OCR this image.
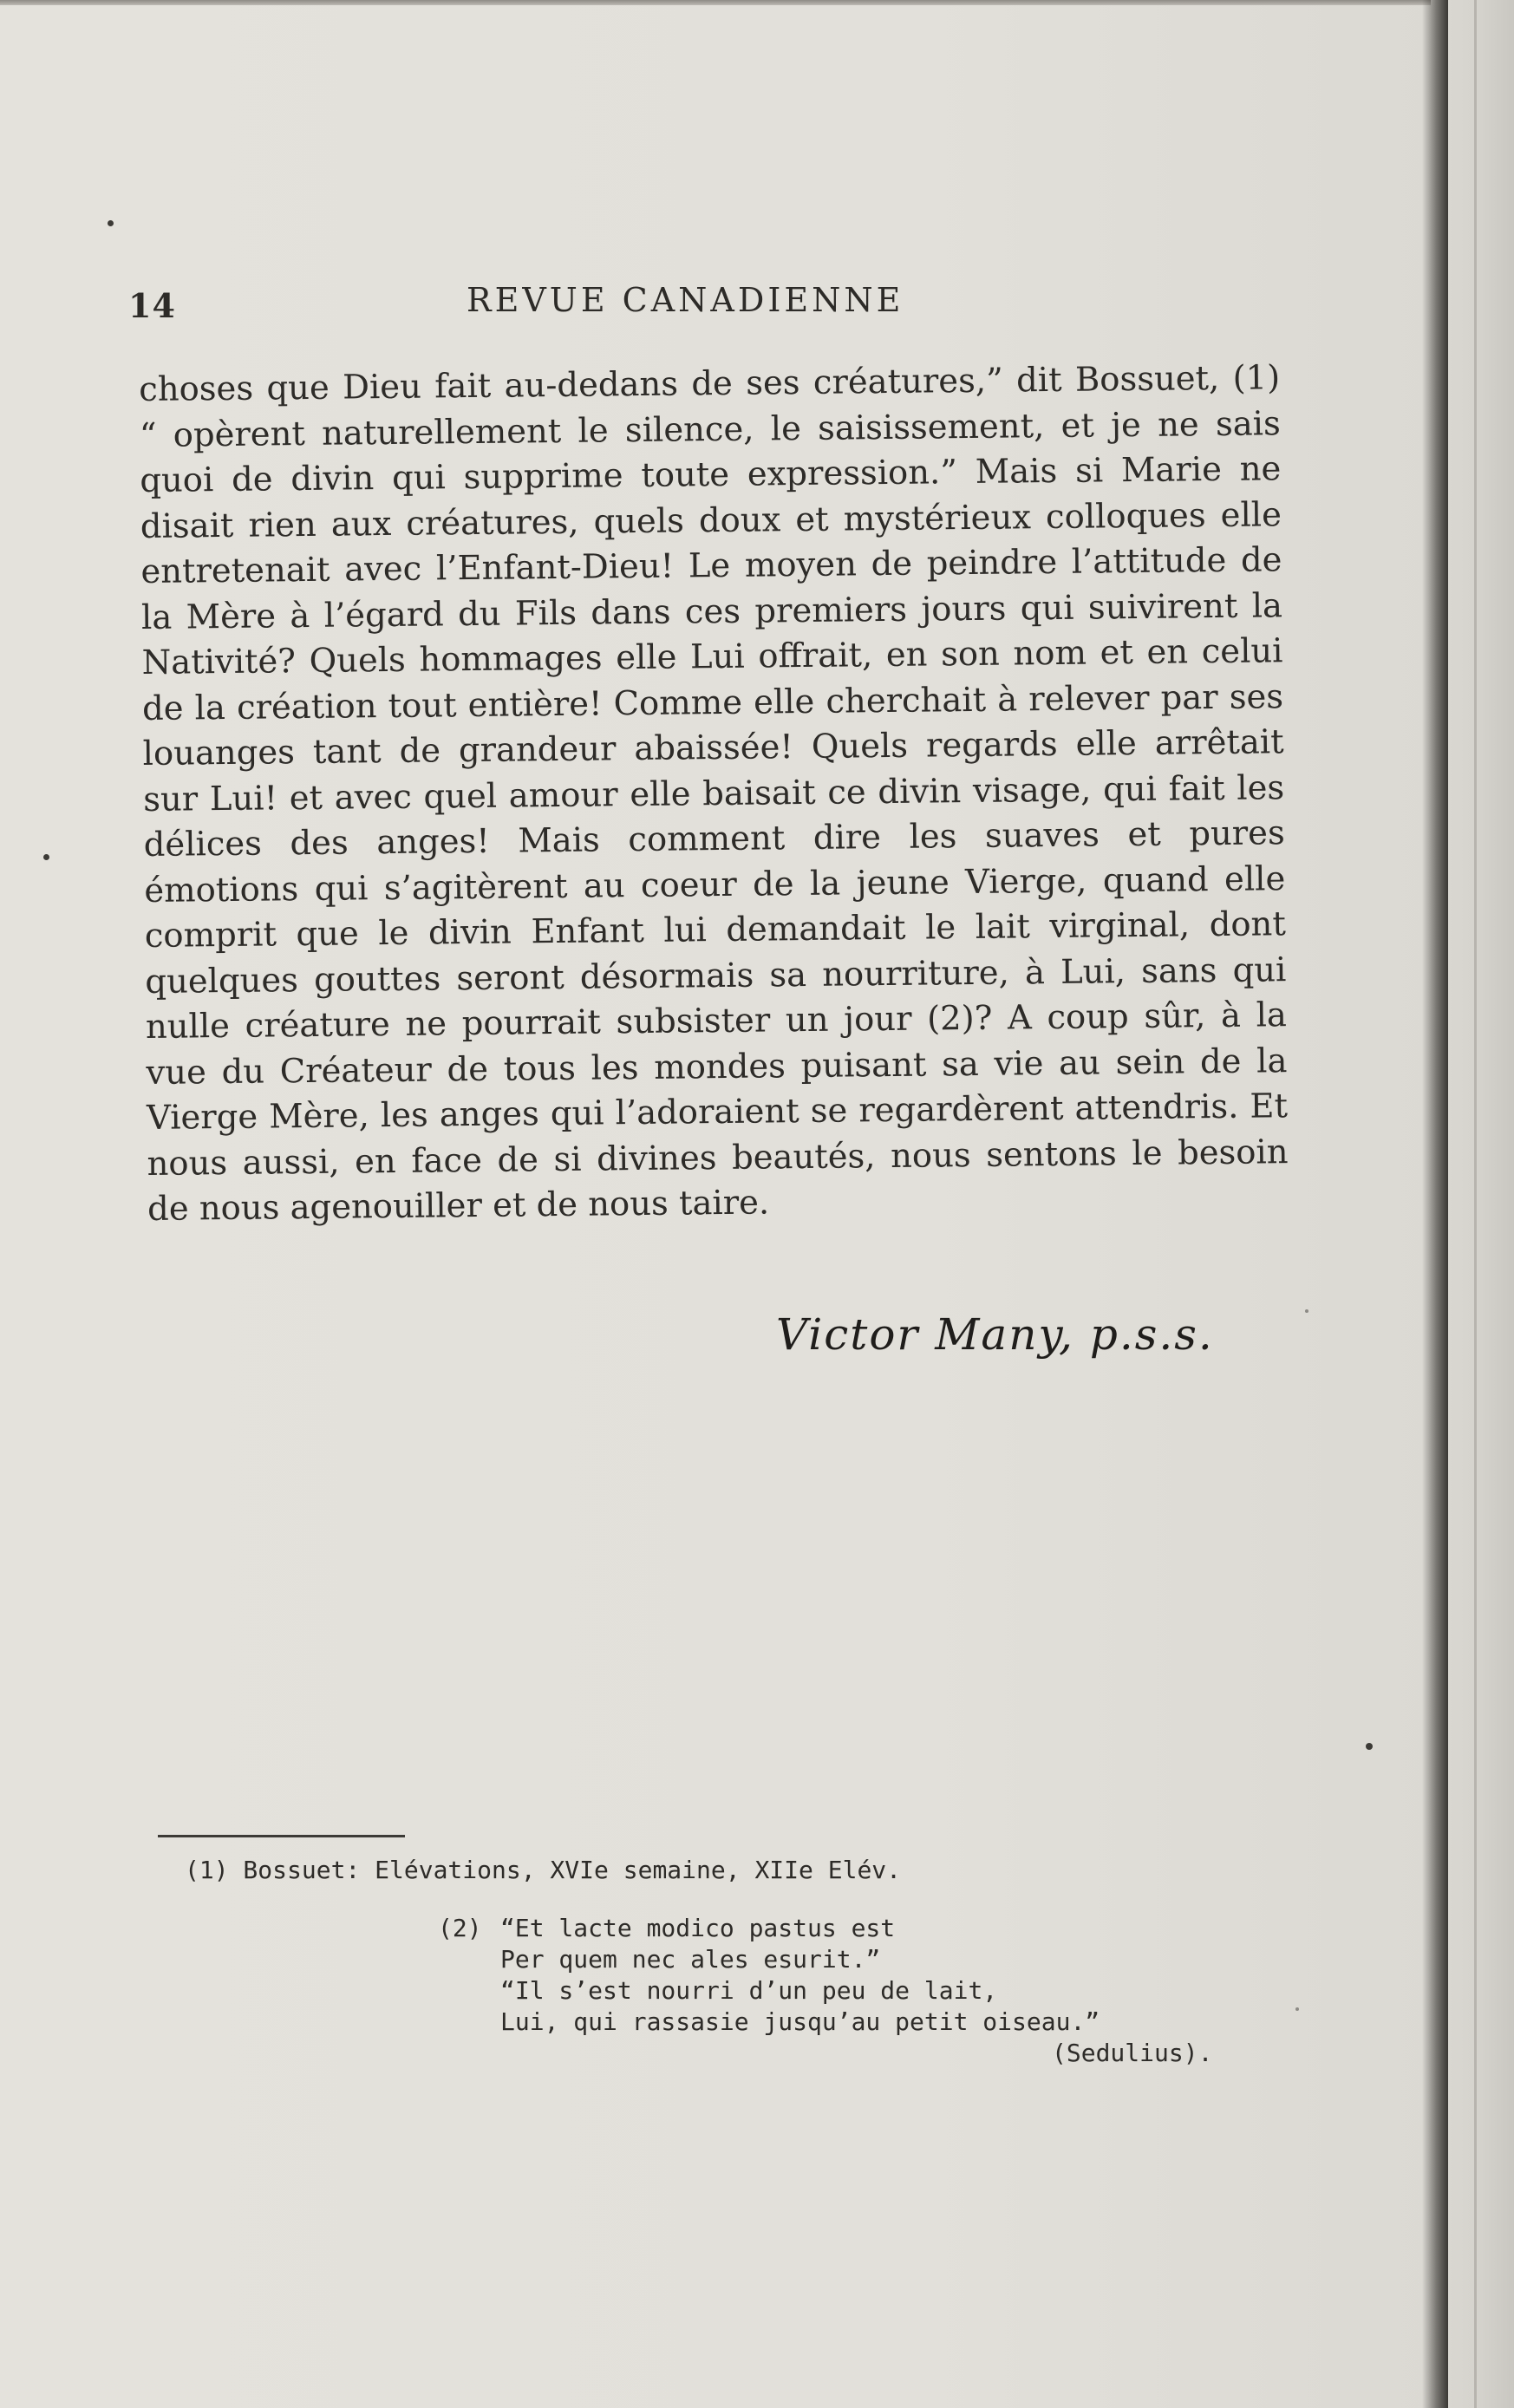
14	REVUE CANADIENNE
choses que Dieu fait au-dedans de ses créatures,” dit Bossuet, (1) “ opèrent naturellement le silence, le saisissement, et je ne sais quoi de divin qui supprime toute expression.” Mais si Marie ne disait rien aux créatures, quels doux et mystérieux colloques elle entretenait avec l’Enfant-Dieu! Le moyen de peindre l’attitude de la Mère à l’égard du Fils dans ces premiers jours qui suivirent la Nativité? Quels hommages elle Lui offrait, en son nom et en celui de la création tout entière! Comme elle cherchait à relever par ses louanges tant de grandeur abaissée! Quels regards elle arrêtait sur Lui! et avec quel amour elle baisait ce divin visage, qui fait les délices des anges! Mais comment dire les suaves et pures émotions qui s’agitèrent au coeur de la jeune Vierge, quand elle comprit que le divin Enfant lui demandait le lait virginal, dont quelques gouttes seront désormais sa nourriture, à Lui, sans qui nulle créature ne pourrait subsister un jour (2)? A coup sûr, à la vue du Créateur de tous les mondes puisant sa vie au sein de la Vierge Mère, les anges qui l’adoraient se regardèrent attendris. Et nous aussi, en face de si divines beautés, nous sentons le besoin de nous agenouiller et de nous taire.
Victor Many, p.s.s.
(1) Bossuet: Elévations, XVIe semaine, XIIe Elév.
(2) “Et lacte modico pastus est
Per quem nec ales esurit.”
“Il s’est nourri d’un peu de lait,
Lui, qui rassasie jusqu’au petit oiseau.”
(Sedulius).
